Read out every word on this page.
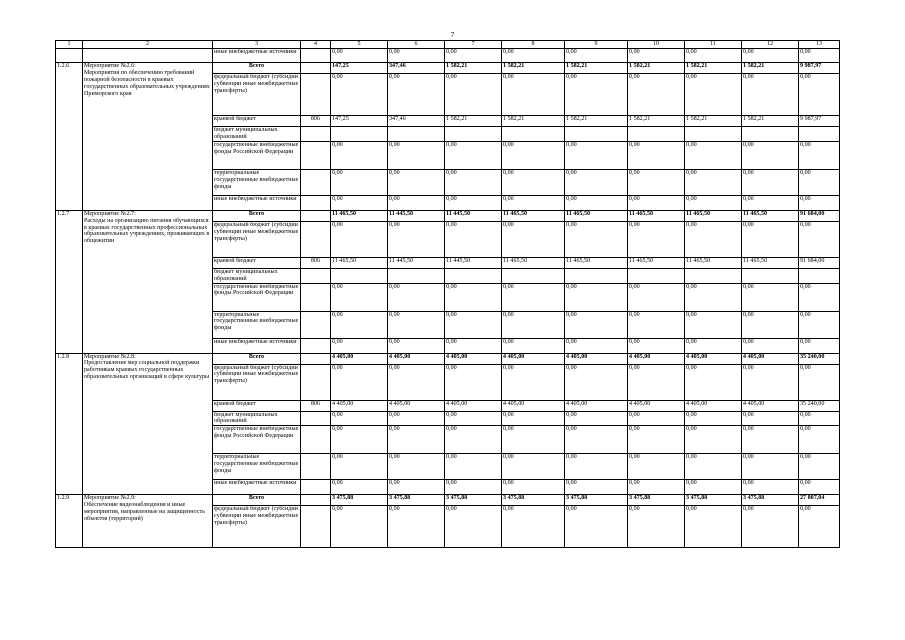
7
1	2	3	4	5	6	7	8	9	10	11	12	13
		иные внебюджетные источники		0,00	0,00	0,00	0,00	0,00	0,00	0,00	0,00	0,00
1.2.6	Мероприятие №2.6:
Мероприятия по обеспечению требований пожарной безопасности в краевых государственных образовательных учреждениях Приморского края	Всего		147,25	347,46	1 582,21	1 582,21	1 582,21	1 582,21	1 582,21	1 582,21	9 987,97
		федеральный бюджет (субсидии субвенции иные межбюджетные трансферты)		0,00	0,00	0,00	0,00	0,00	0,00	0,00	0,00	0,00
		краевой бюджет	806	147,25	347,46	1 582,21	1 582,21	1 582,21	1 582,21	1 582,21	1 582,21	9 987,97
		бюджет муниципальных образований										
		государственные внебюджетные фонды Российской Федерации		0,00	0,00	0,00	0,00	0,00	0,00	0,00	0,00	0,00
		территориальные государственные внебюджетные фонды		0,00	0,00	0,00	0,00	0,00	0,00	0,00	0,00	0,00
		иные внебюджетные источники		0,00	0,00	0,00	0,00	0,00	0,00	0,00	0,00	0,00
1.2.7	Мероприятие №2.7:
Расходы на организацию питания обучающихся в краевых государственных профессиональных образовательных учреждениях, проживающих в общежитии	Всего		11 465,50	11 445,50	11 445,50	11 465,50	11 465,50	11 465,50	11 465,50	11 465,50	91 684,00
		федеральный бюджет (субсидии субвенции иные межбюджетные трансферты)		0,00	0,00	0,00	0,00	0,00	0,00	0,00	0,00	0,00
		краевой бюджет	806	11 465,50	11 445,50	11 445,50	11 465,50	11 465,50	11 465,50	11 465,50	11 465,50	91 684,00
		бюджет муниципальных образований										
		государственные внебюджетные фонды Российской Федерации		0,00	0,00	0,00	0,00	0,00	0,00	0,00	0,00	0,00
		территориальные государственные внебюджетные фонды		0,00	0,00	0,00	0,00	0,00	0,00	0,00	0,00	0,00
		иные внебюджетные источники		0,00	0,00	0,00	0,00	0,00	0,00	0,00	0,00	0,00
1.2.8	Мероприятие №2.8:
Предоставление мер социальной поддержки работникам краевых государственных образовательных организаций в сфере культуры	Всего		4 405,00	4 405,00	4 405,00	4 405,00	4 405,00	4 405,00	4 405,00	4 405,00	35 240,00
		федеральный бюджет (субсидии субвенции иные межбюджетные трансферты)		0,00	0,00	0,00	0,00	0,00	0,00	0,00	0,00	0,00
		краевой бюджет	806	4 405,00	4 405,00	4 405,00	4 405,00	4 405,00	4 405,00	4 405,00	4 405,00	35 240,00
		бюджет муниципальных образований		0,00	0,00	0,00	0,00	0,00	0,00	0,00	0,00	0,00
		государственные внебюджетные фонды Российской Федерации		0,00	0,00	0,00	0,00	0,00	0,00	0,00	0,00	0,00
		территориальные государственные внебюджетные фонды		0,00	0,00	0,00	0,00	0,00	0,00	0,00	0,00	0,00
		иные внебюджетные источники		0,00	0,00	0,00	0,00	0,00	0,00	0,00	0,00	0,00
1.2.9	Мероприятие №2.9:
Обеспечение видеонаблюдения и иные мероприятия, направленные на защищенность объектов (территорий)	Всего		3 475,88	3 475,88	3 475,88	3 475,88	3 475,88	3 475,88	3 475,88	3 475,88	27 807,04
		федеральный бюджет (субсидии субвенции иные межбюджетные трансферты)		0,00	0,00	0,00	0,00	0,00	0,00	0,00	0,00	0,00
